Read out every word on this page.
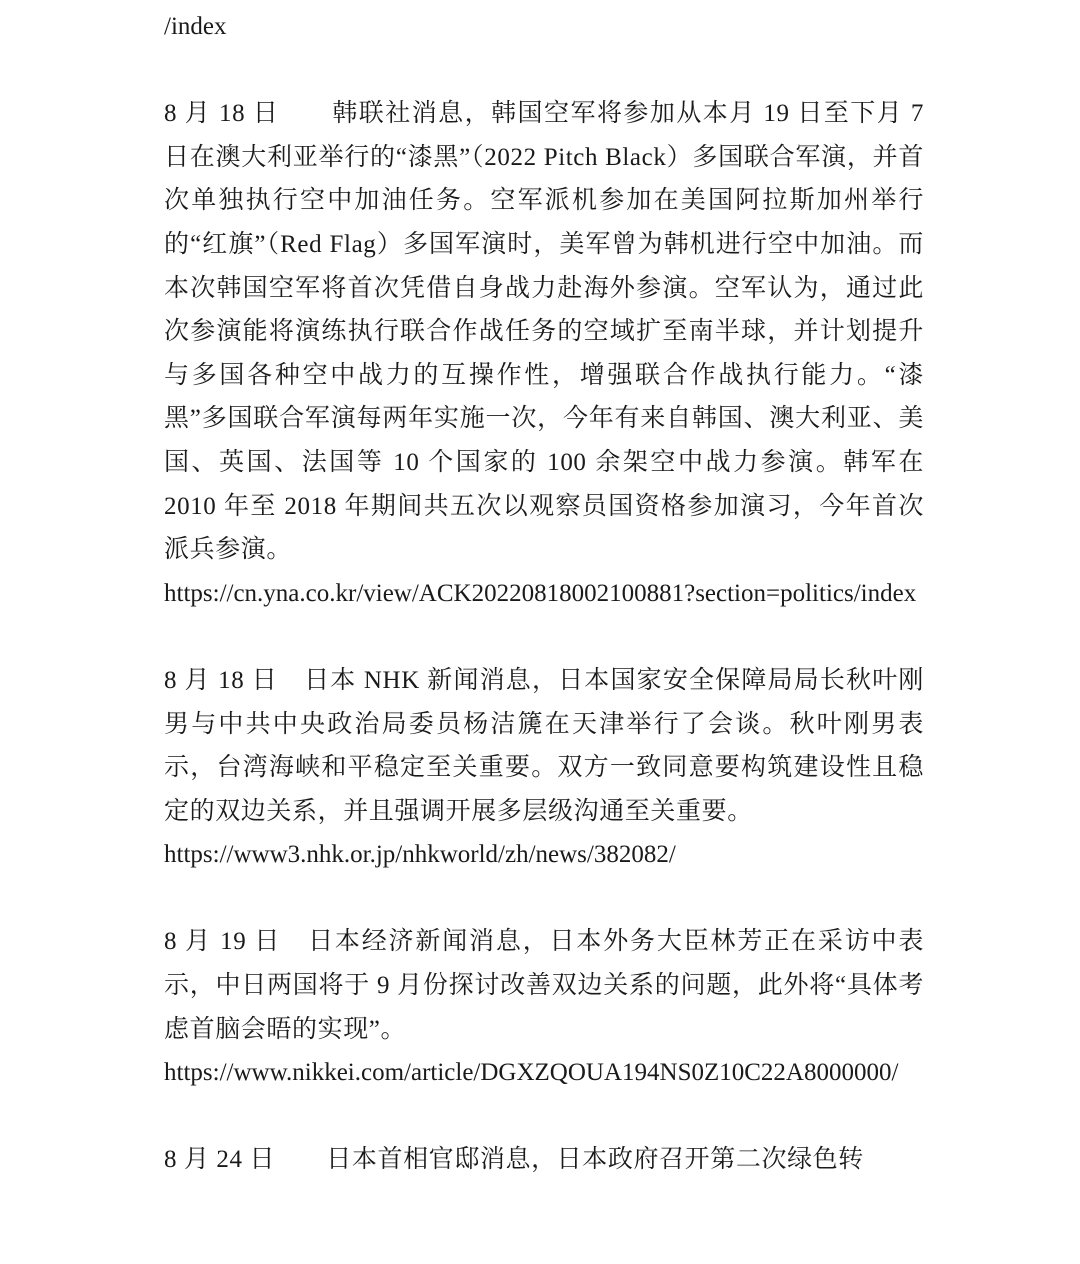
/index

8 月 18 日　　 韩联社消息，韩国空军将参加从本月 19 日至下月 7 日在澳大利亚举行的“漆黑”（2022 Pitch Black）多国联合军演，并首次单独执行空中加油任务。空军派机参加在美国阿拉斯加州举行的“红旗”（Red Flag）多国军演时，美军曾为韩机进行空中加油。而本次韩国空军将首次凭借自身战力赴海外参演。空军认为，通过此次参演能将演练执行联合作战任务的空域扩至南半球，并计划提升与多国各种空中战力的互操作性，增强联合作战执行能力。“漆黑”多国联合军演每两年实施一次，今年有来自韩国、澳大利亚、美国、英国、法国等 10 个国家的 100 余架空中战力参演。韩军在 2010 年至 2018 年期间共五次以观察员国资格参加演习，今年首次派兵参演。

https://cn.yna.co.kr/view/ACK20220818002100881?section=politics/index

8 月 18 日　 日本 NHK 新闻消息，日本国家安全保障局局长秋叶刚男与中共中央政治局委员杨洁篪在天津举行了会谈。秋叶刚男表示，台湾海峡和平稳定至关重要。双方一致同意要构筑建设性且稳定的双边关系，并且强调开展多层级沟通至关重要。

https://www3.nhk.or.jp/nhkworld/zh/news/382082/

8 月 19 日　 日本经济新闻消息，日本外务大臣林芳正在采访中表示，中日两国将于 9 月份探讨改善双边关系的问题，此外将“具体考虑首脑会晤的实现”。

https://www.nikkei.com/article/DGXZQOUA194NS0Z10C22A8000000/

8 月 24 日　　 日本首相官邸消息，日本政府召开第二次绿色转
